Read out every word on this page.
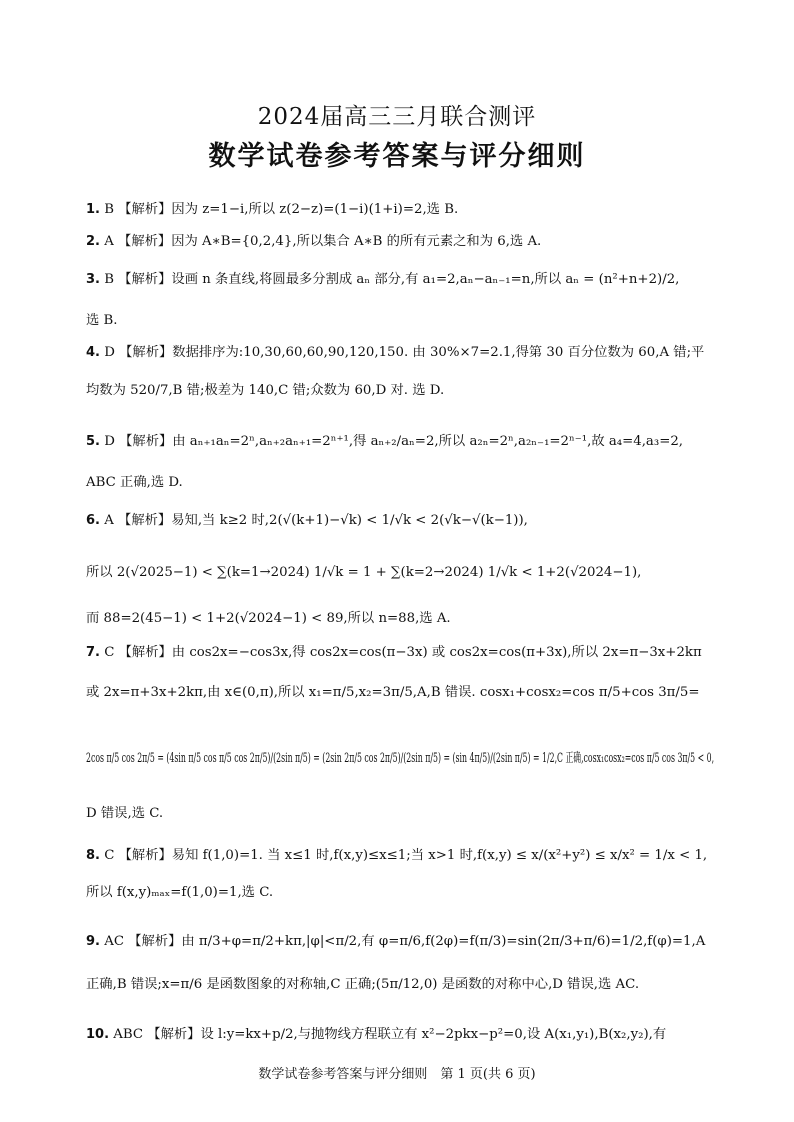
2024届高三三月联合测评
数学试卷参考答案与评分细则
1. B 【解析】因为 z=1−i,所以 z(2−z)=(1−i)(1+i)=2,选 B.
2. A 【解析】因为 A∗B={0,2,4},所以集合 A∗B 的所有元素之和为 6,选 A.
3. B 【解析】设画 n 条直线,将圆最多分割成 aₙ 部分,有 a₁=2,aₙ−aₙ₋₁=n,所以 aₙ = (n²+n+2)/2,
选 B.
4. D 【解析】数据排序为:10,30,60,60,90,120,150. 由 30%×7=2.1,得第 30 百分位数为 60,A 错;平
均数为 520/7,B 错;极差为 140,C 错;众数为 60,D 对. 选 D.
5. D 【解析】由 aₙ₊₁aₙ=2ⁿ,aₙ₊₂aₙ₊₁=2ⁿ⁺¹,得 aₙ₊₂/aₙ=2,所以 a₂ₙ=2ⁿ,a₂ₙ₋₁=2ⁿ⁻¹,故 a₄=4,a₃=2,
ABC 正确,选 D.
6. A 【解析】易知,当 k≥2 时,2(√(k+1)−√k) < 1/√k < 2(√k−√(k−1)),
所以 2(√2025−1) < ∑(k=1→2024) 1/√k = 1 + ∑(k=2→2024) 1/√k < 1+2(√2024−1),
而 88=2(45−1) < 1+2(√2024−1) < 89,所以 n=88,选 A.
7. C 【解析】由 cos2x=−cos3x,得 cos2x=cos(π−3x) 或 cos2x=cos(π+3x),所以 2x=π−3x+2kπ
或 2x=π+3x+2kπ,由 x∈(0,π),所以 x₁=π/5,x₂=3π/5,A,B 错误. cosx₁+cosx₂=cos π/5+cos 3π/5=
2cos π/5 cos 2π/5 = (4sin π/5 cos π/5 cos 2π/5)/(2sin π/5) = (2sin 2π/5 cos 2π/5)/(2sin π/5) = (sin 4π/5)/(2sin π/5) = 1/2,C 正确,cosx₁cosx₂=cos π/5 cos 3π/5 < 0,
D 错误,选 C.
8. C 【解析】易知 f(1,0)=1. 当 x≤1 时,f(x,y)≤x≤1;当 x>1 时,f(x,y) ≤ x/(x²+y²) ≤ x/x² = 1/x < 1,
所以 f(x,y)ₘₐₓ=f(1,0)=1,选 C.
9. AC 【解析】由 π/3+φ=π/2+kπ,|φ|<π/2,有 φ=π/6,f(2φ)=f(π/3)=sin(2π/3+π/6)=1/2,f(φ)=1,A
正确,B 错误;x=π/6 是函数图象的对称轴,C 正确;(5π/12,0) 是函数的对称中心,D 错误,选 AC.
10. ABC 【解析】设 l:y=kx+p/2,与抛物线方程联立有 x²−2pkx−p²=0,设 A(x₁,y₁),B(x₂,y₂),有
数学试卷参考答案与评分细则　第 1 页(共 6 页)
